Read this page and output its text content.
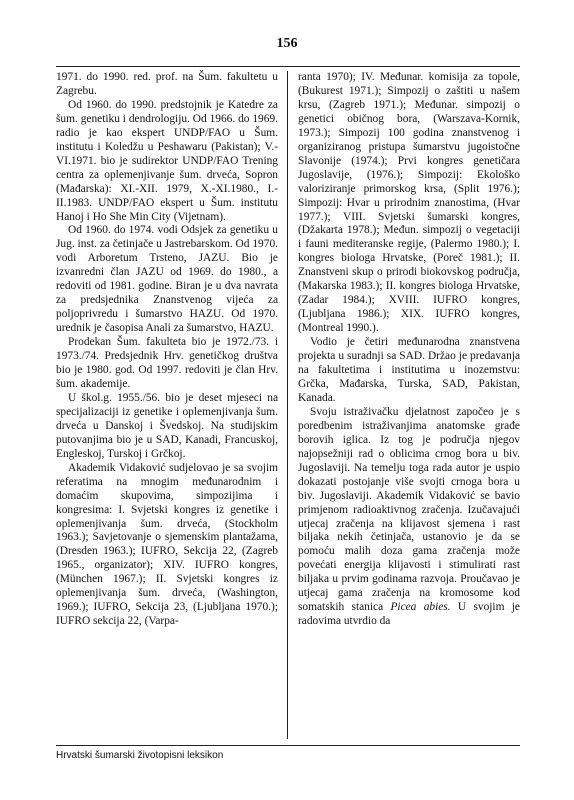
156

1971. do 1990. red. prof. na Šum. fakultetu u Zagrebu.

Od 1960. do 1990. predstojnik je Katedre za šum. genetiku i dendrologiju. Od 1966. do 1969. radio je kao ekspert UNDP/FAO u Šum. institutu i Koledžu u Peshawaru (Pakistan); V.-VI.1971. bio je sudirektor UNDP/FAO Trening centra za oplemenjivanje šum. drveća, Sopron (Mađarska): XI.-XII. 1979, X.-XI.1980., I.-II.1983. UNDP/FAO ekspert u Šum. institutu Hanoj i Ho She Min City (Vijetnam).

Od 1960. do 1974. vodi Odsjek za genetiku u Jug. inst. za četinjače u Jastrebarskom. Od 1970. vodi Arboretum Trsteno, JAZU. Bio je izvanredni član JAZU od 1969. do 1980., a redoviti od 1981. godine. Biran je u dva navrata za predsjednika Znanstvenog vijeća za poljoprivredu i šumarstvo HAZU. Od 1970. urednik je časopisa Anali za šumarstvo, HAZU.

Prodekan Šum. fakulteta bio je 1972./73. i 1973./74. Predsjednik Hrv. genetičkog društva bio je 1980. god. Od 1997. redoviti je član Hrv. šum. akademije.

U škol.g. 1955./56. bio je deset mjeseci na specijalizaciji iz genetike i oplemenjivanja šum. drveća u Danskoj i Švedskoj. Na studijskim putovanjima bio je u SAD, Kanadi, Francuskoj, Engleskoj, Turskoj i Grčkoj.

Akademik Vidaković sudjelovao je sa svojim referatima na mnogim međunarodnim i domaćim skupovima, simpozijima i kongresima: I. Svjetski kongres iz genetike i oplemenjivanja šum. drveća, (Stockholm 1963.); Savjetovanje o sjemenskim plantažama, (Dresden 1963.); IUFRO, Sekcija 22, (Zagreb 1965., organizator); XIV. IUFRO kongres, (München 1967.); II. Svjetski kongres iz oplemenjivanja šum. drveća, (Washington, 1969.); IUFRO, Sekcija 23, (Ljubljana 1970.); IUFRO sekcija 22, (Varpa-

ranta 1970); IV. Međunar. komisija za topole, (Bukurest 1971.); Simpozij o zaštiti u našem krsu, (Zagreb 1971.); Međunar. simpozij o genetici običnog bora, (Warszava-Kornik, 1973.); Simpozij 100 godina znanstvenog i organiziranog pristupa šumarstvu jugoistočne Slavonije (1974.); Prvi kongres genetičara Jugoslavije, (1976.); Simpozij: Ekološko valoriziranje primorskog krsa, (Split 1976.); Simpozij: Hvar u prirodnim znanostima, (Hvar 1977.); VIII. Svjetski šumarski kongres, (Džakarta 1978.); Međun. simpozij o vegetaciji i fauni mediteranske regije, (Palermo 1980.); I. kongres biologa Hrvatske, (Poreč 1981.); II. Znanstveni skup o prirodi biokovskog područja, (Makarska 1983.); II. kongres biologa Hrvatske, (Zadar 1984.); XVIII. IUFRO kongres, (Ljubljana 1986.); XIX. IUFRO kongres, (Montreal 1990.).

Vodio je četiri međunarodna znanstvena projekta u suradnji sa SAD. Držao je predavanja na fakultetima i institutima u inozemstvu: Grčka, Mađarska, Turska, SAD, Pakistan, Kanada.

Svoju istraživačku djelatnost započeo je s poredbenim istraživanjima anatomske građe borovih iglica. Iz tog je područja njegov najopsežniji rad o oblicima crnog bora u biv. Jugoslaviji. Na temelju toga rada autor je uspio dokazati postojanje više svojti crnoga bora u biv. Jugoslaviji. Akademik Vidaković se bavio primjenom radioaktivnog zračenja. Izučavajući utjecaj zračenja na klijavost sjemena i rast biljaka nekih četinjača, ustanovio je da se pomoću malih doza gama zračenja može povećati energija klijavosti i stimulirati rast biljaka u prvim godinama razvoja. Proučavao je utjecaj gama zračenja na kromosome kod somatskih stanica Picea abies. U svojim je radovima utvrdio da

Hrvatski šumarski životopisni leksikon
